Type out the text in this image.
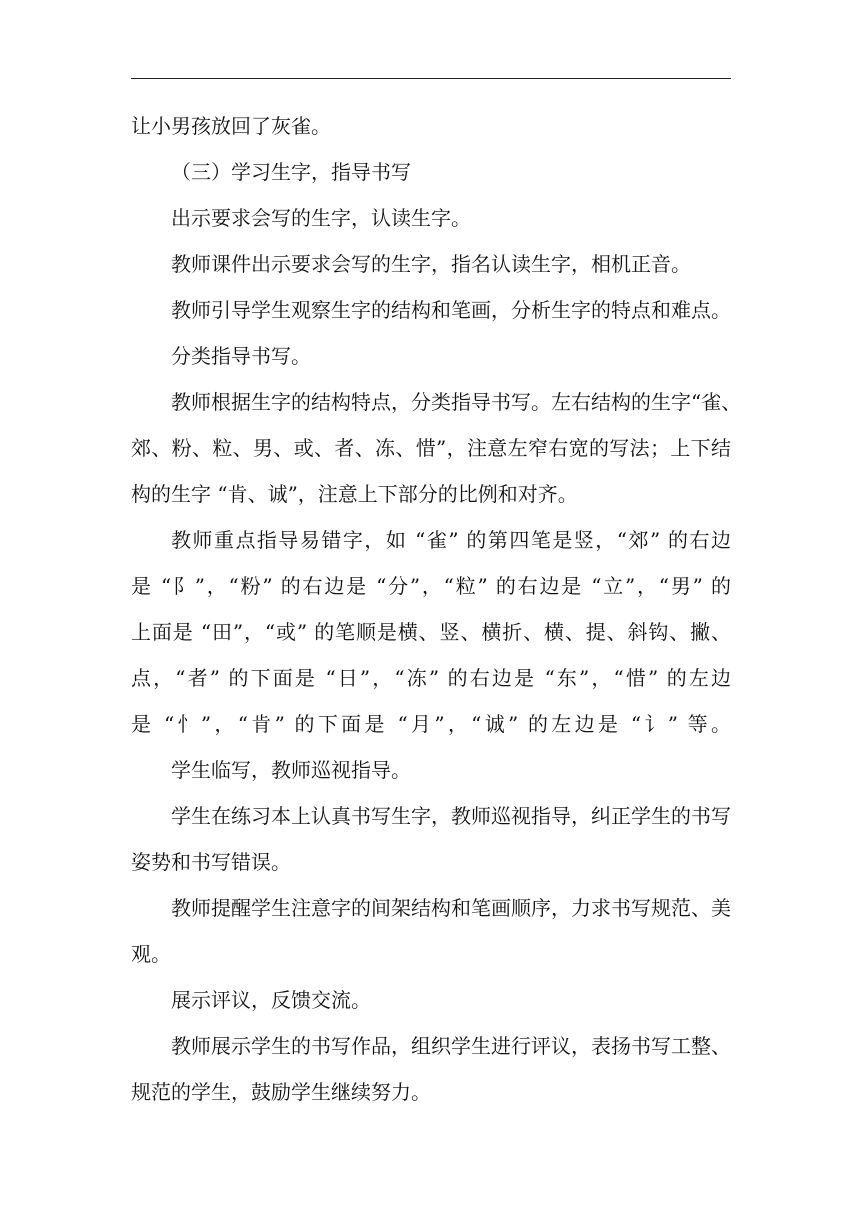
让小男孩放回了灰雀。
（三）学习生字，指导书写
出示要求会写的生字，认读生字。
教师课件出示要求会写的生字，指名认读生字，相机正音。
教师引导学生观察生字的结构和笔画，分析生字的特点和难点。
分类指导书写。
教师根据生字的结构特点，分类指导书写。左右结构的生字“雀、
郊、粉、粒、男、或、者、冻、惜”，注意左窄右宽的写法；上下结
构的生字 “肯、诚”，注意上下部分的比例和对齐。
教师重点指导易错字，如 “雀” 的第四笔是竖，“郊” 的右边
是 “阝”，“粉” 的右边是 “分”，“粒” 的右边是 “立”，“男” 的
上面是 “田”，“或” 的笔顺是横、竖、横折、横、提、斜钩、撇、
点，“者” 的下面是 “日”，“冻” 的右边是 “东”，“惜” 的左边
是 “忄”，“肯” 的下面是 “月”，“诚” 的左边是 “讠” 等。
学生临写，教师巡视指导。
学生在练习本上认真书写生字，教师巡视指导，纠正学生的书写
姿势和书写错误。
教师提醒学生注意字的间架结构和笔画顺序，力求书写规范、美
观。
展示评议，反馈交流。
教师展示学生的书写作品，组织学生进行评议，表扬书写工整、
规范的学生，鼓励学生继续努力。
